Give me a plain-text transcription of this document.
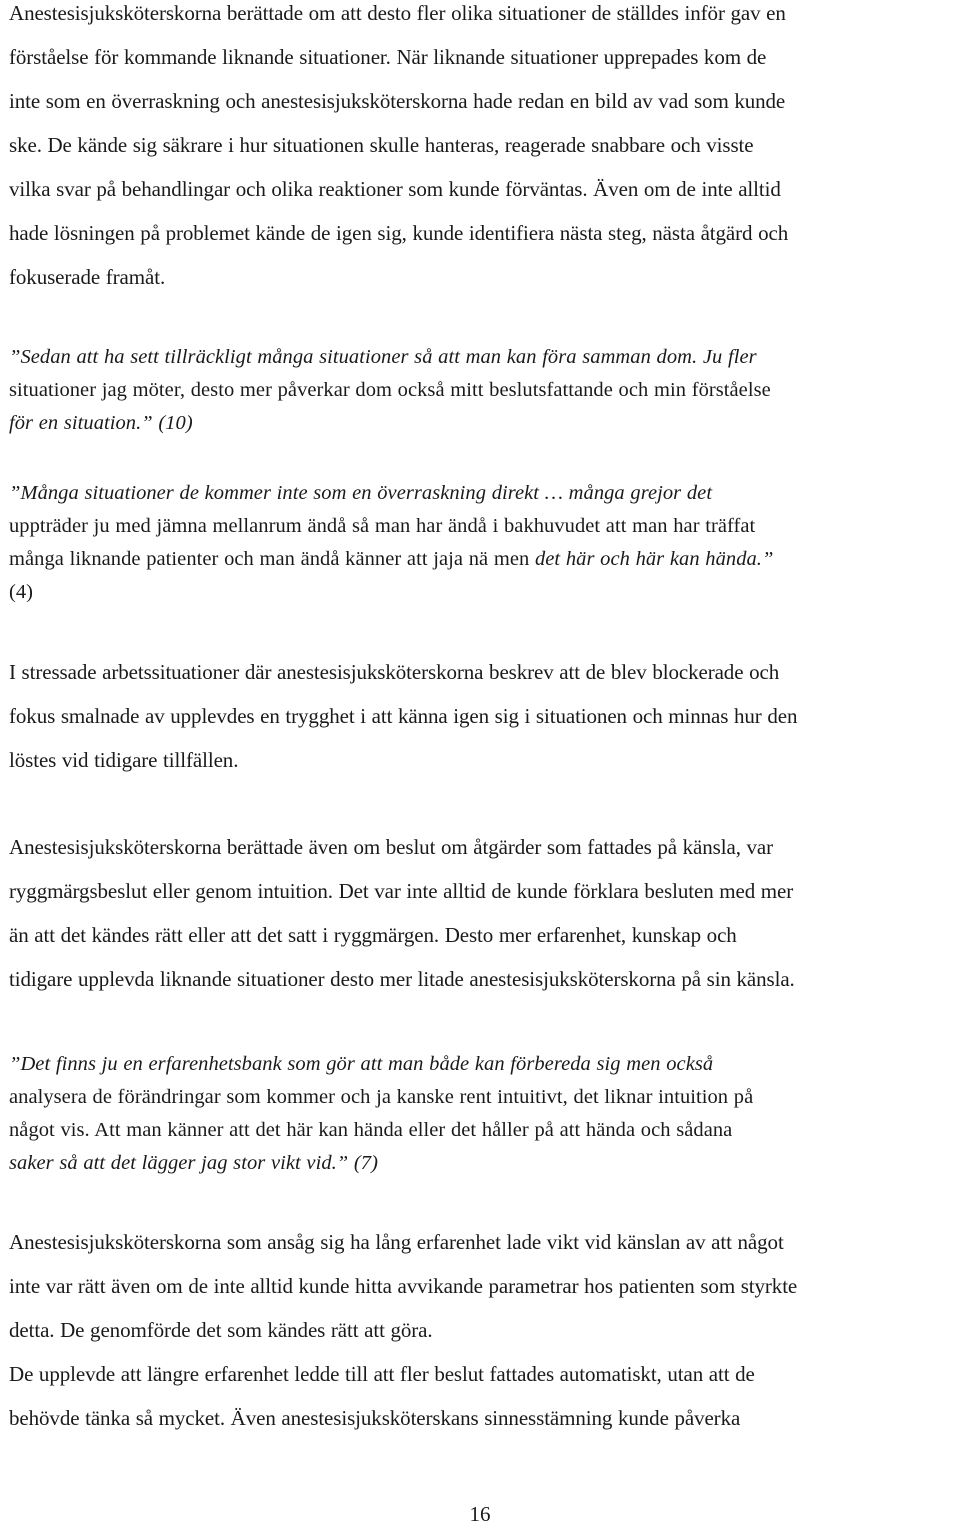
Anestesisjuksköterskorna berättade om att desto fler olika situationer de ställdes inför gav en
förståelse för kommande liknande situationer. När liknande situationer upprepades kom de
inte som en överraskning och anestesisjuksköterskorna hade redan en bild av vad som kunde
ske. De kände sig säkrare i hur situationen skulle hanteras, reagerade snabbare och visste
vilka svar på behandlingar och olika reaktioner som kunde förväntas. Även om de inte alltid
hade lösningen på problemet kände de igen sig, kunde identifiera nästa steg, nästa åtgärd och
fokuserade framåt.

”Sedan att ha sett tillräckligt många situationer så att man kan föra samman dom. Ju fler
situationer jag möter, desto mer påverkar dom också mitt beslutsfattande och min förståelse
för en situation.” (10)

”Många situationer de kommer inte som en överraskning direkt … många grejor det
uppträder ju med jämna mellanrum ändå så man har ändå i bakhuvudet att man har träffat
många liknande patienter och man ändå känner att jaja nä men det här och här kan hända.”
(4)

I stressade arbetssituationer där anestesisjuksköterskorna beskrev att de blev blockerade och
fokus smalnade av upplevdes en trygghet i att känna igen sig i situationen och minnas hur den
löstes vid tidigare tillfällen.

Anestesisjuksköterskorna berättade även om beslut om åtgärder som fattades på känsla, var
ryggmärgsbeslut eller genom intuition. Det var inte alltid de kunde förklara besluten med mer
än att det kändes rätt eller att det satt i ryggmärgen. Desto mer erfarenhet, kunskap och
tidigare upplevda liknande situationer desto mer litade anestesisjuksköterskorna på sin känsla.

”Det finns ju en erfarenhetsbank som gör att man både kan förbereda sig men också
analysera de förändringar som kommer och ja kanske rent intuitivt, det liknar intuition på
något vis. Att man känner att det här kan hända eller det håller på att hända och sådana
saker så att det lägger jag stor vikt vid.” (7)

Anestesisjuksköterskorna som ansåg sig ha lång erfarenhet lade vikt vid känslan av att något
inte var rätt även om de inte alltid kunde hitta avvikande parametrar hos patienten som styrkte
detta. De genomförde det som kändes rätt att göra.

De upplevde att längre erfarenhet ledde till att fler beslut fattades automatiskt, utan att de
behövde tänka så mycket. Även anestesisjuksköterskans sinnesstämning kunde påverka

16
